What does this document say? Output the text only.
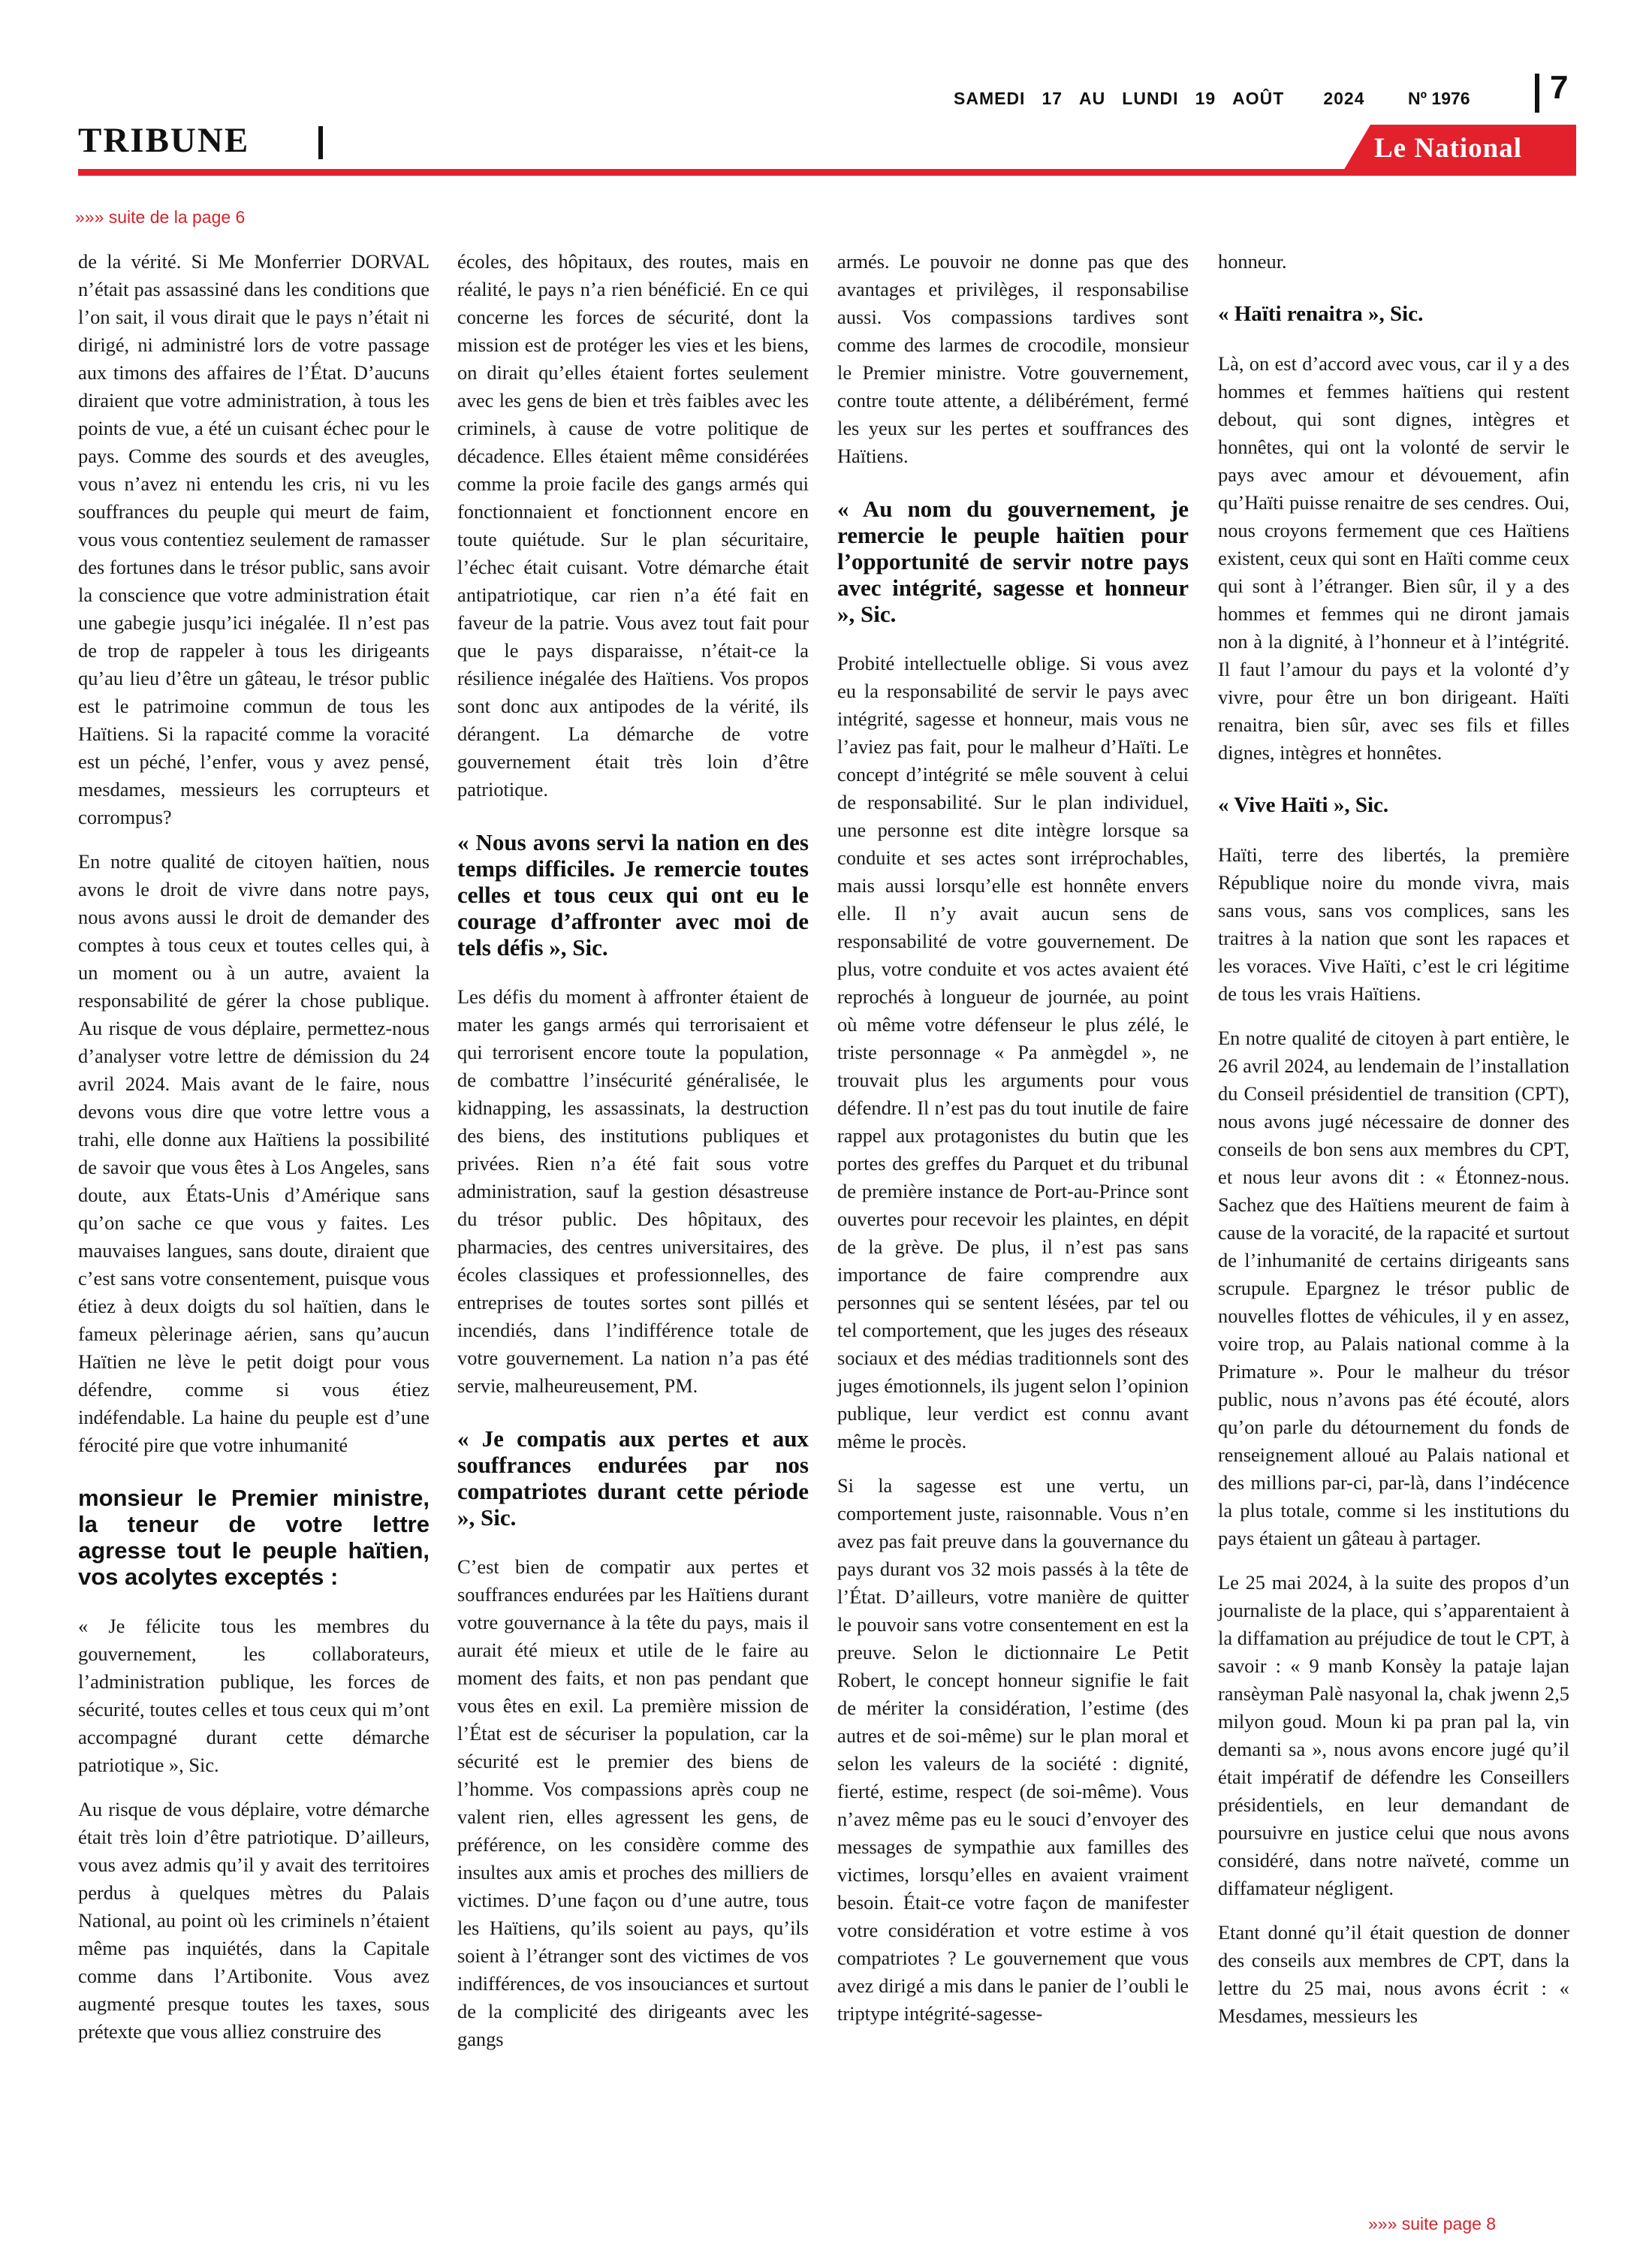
SAMEDI 17 AU LUNDI 19 AOÛT 2024	Nº 1976 7
TRIBUNE	Le National
»»» suite de la page 6

de la vérité. Si Me Monferrier DORVAL n’était pas assassiné dans les conditions que l’on sait, il vous dirait que le pays n’était ni dirigé, ni administré lors de votre passage aux timons des affaires de l’État. D’aucuns diraient que votre administration, à tous les points de vue, a été un cuisant échec pour le pays. Comme des sourds et des aveugles, vous n’avez ni entendu les cris, ni vu les souffrances du peuple qui meurt de faim, vous vous contentiez seulement de ramasser des fortunes dans le trésor public, sans avoir la conscience que votre administration était une gabegie jusqu’ici inégalée. Il n’est pas de trop de rappeler à tous les dirigeants qu’au lieu d’être un gâteau, le trésor public est le patrimoine commun de tous les Haïtiens. Si la rapacité comme la voracité est un péché, l’enfer, vous y avez pensé, mesdames, messieurs les corrupteurs et corrompus?

En notre qualité de citoyen haïtien, nous avons le droit de vivre dans notre pays, nous avons aussi le droit de demander des comptes à tous ceux et toutes celles qui, à un moment ou à un autre, avaient la responsabilité de gérer la chose publique. Au risque de vous déplaire, permettez-nous d’analyser votre lettre de démission du 24 avril 2024. Mais avant de le faire, nous devons vous dire que votre lettre vous a trahi, elle donne aux Haïtiens la possibilité de savoir que vous êtes à Los Angeles, sans doute, aux États-Unis d’Amérique sans qu’on sache ce que vous y faites. Les mauvaises langues, sans doute, diraient que c’est sans votre consentement, puisque vous étiez à deux doigts du sol haïtien, dans le fameux pèlerinage aérien, sans qu’aucun Haïtien ne lève le petit doigt pour vous défendre, comme si vous étiez indéfendable. La haine du peuple est d’une férocité pire que votre inhumanité

monsieur le Premier ministre, la teneur de votre lettre agresse tout le peuple haïtien, vos acolytes exceptés :

« Je félicite tous les membres du gouvernement, les collaborateurs, l’administration publique, les forces de sécurité, toutes celles et tous ceux qui m’ont accompagné durant cette démarche patriotique », Sic.

Au risque de vous déplaire, votre démarche était très loin d’être patriotique. D’ailleurs, vous avez admis qu’il y avait des territoires perdus à quelques mètres du Palais National, au point où les criminels n’étaient même pas inquiétés, dans la Capitale comme dans l’Artibonite. Vous avez augmenté presque toutes les taxes, sous prétexte que vous alliez construire des

écoles, des hôpitaux, des routes, mais en réalité, le pays n’a rien bénéficié. En ce qui concerne les forces de sécurité, dont la mission est de protéger les vies et les biens, on dirait qu’elles étaient fortes seulement avec les gens de bien et très faibles avec les criminels, à cause de votre politique de décadence. Elles étaient même considérées comme la proie facile des gangs armés qui fonctionnaient et fonctionnent encore en toute quiétude. Sur le plan sécuritaire, l’échec était cuisant. Votre démarche était antipatriotique, car rien n’a été fait en faveur de la patrie. Vous avez tout fait pour que le pays disparaisse, n’était-ce la résilience inégalée des Haïtiens. Vos propos sont donc aux antipodes de la vérité, ils dérangent. La démarche de votre gouvernement était très loin d’être patriotique.

« Nous avons servi la nation en des temps difficiles. Je remercie toutes celles et tous ceux qui ont eu le courage d’affronter avec moi de tels défis », Sic.

Les défis du moment à affronter étaient de mater les gangs armés qui terrorisaient et qui terrorisent encore toute la population, de combattre l’insécurité généralisée, le kidnapping, les assassinats, la destruction des biens, des institutions publiques et privées. Rien n’a été fait sous votre administration, sauf la gestion désastreuse du trésor public. Des hôpitaux, des pharmacies, des centres universitaires, des écoles classiques et professionnelles, des entreprises de toutes sortes sont pillés et incendiés, dans l’indifférence totale de votre gouvernement. La nation n’a pas été servie, malheureusement, PM.

« Je compatis aux pertes et aux souffrances endurées par nos compatriotes durant cette période », Sic.

C’est bien de compatir aux pertes et souffrances endurées par les Haïtiens durant votre gouvernance à la tête du pays, mais il aurait été mieux et utile de le faire au moment des faits, et non pas pendant que vous êtes en exil. La première mission de l’État est de sécuriser la population, car la sécurité est le premier des biens de l’homme. Vos compassions après coup ne valent rien, elles agressent les gens, de préférence, on les considère comme des insultes aux amis et proches des milliers de victimes. D’une façon ou d’une autre, tous les Haïtiens, qu’ils soient au pays, qu’ils soient à l’étranger sont des victimes de vos indifférences, de vos insouciances et surtout de la complicité des dirigeants avec les gangs

armés. Le pouvoir ne donne pas que des avantages et privilèges, il responsabilise aussi. Vos compassions tardives sont comme des larmes de crocodile, monsieur le Premier ministre. Votre gouvernement, contre toute attente, a délibérément, fermé les yeux sur les pertes et souffrances des Haïtiens.

« Au nom du gouvernement, je remercie le peuple haïtien pour l’opportunité de servir notre pays avec intégrité, sagesse et honneur », Sic.

Probité intellectuelle oblige. Si vous avez eu la responsabilité de servir le pays avec intégrité, sagesse et honneur, mais vous ne l’aviez pas fait, pour le malheur d’Haïti. Le concept d’intégrité se mêle souvent à celui de responsabilité. Sur le plan individuel, une personne est dite intègre lorsque sa conduite et ses actes sont irréprochables, mais aussi lorsqu’elle est honnête envers elle. Il n’y avait aucun sens de responsabilité de votre gouvernement. De plus, votre conduite et vos actes avaient été reprochés à longueur de journée, au point où même votre défenseur le plus zélé, le triste personnage « Pa anmègdel », ne trouvait plus les arguments pour vous défendre. Il n’est pas du tout inutile de faire rappel aux protagonistes du butin que les portes des greffes du Parquet et du tribunal de première instance de Port-au-Prince sont ouvertes pour recevoir les plaintes, en dépit de la grève. De plus, il n’est pas sans importance de faire comprendre aux personnes qui se sentent lésées, par tel ou tel comportement, que les juges des réseaux sociaux et des médias traditionnels sont des juges émotionnels, ils jugent selon l’opinion publique, leur verdict est connu avant même le procès.

Si la sagesse est une vertu, un comportement juste, raisonnable. Vous n’en avez pas fait preuve dans la gouvernance du pays durant vos 32 mois passés à la tête de l’État. D’ailleurs, votre manière de quitter le pouvoir sans votre consentement en est la preuve. Selon le dictionnaire Le Petit Robert, le concept honneur signifie le fait de mériter la considération, l’estime (des autres et de soi-même) sur le plan moral et selon les valeurs de la société : dignité, fierté, estime, respect (de soi-même). Vous n’avez même pas eu le souci d’envoyer des messages de sympathie aux familles des victimes, lorsqu’elles en avaient vraiment besoin. Était-ce votre façon de manifester votre considération et votre estime à vos compatriotes ? Le gouvernement que vous avez dirigé a mis dans le panier de l’oubli le triptype intégrité-sagesse-

honneur.

« Haïti renaitra », Sic.

Là, on est d’accord avec vous, car il y a des hommes et femmes haïtiens qui restent debout, qui sont dignes, intègres et honnêtes, qui ont la volonté de servir le pays avec amour et dévouement, afin qu’Haïti puisse renaitre de ses cendres. Oui, nous croyons fermement que ces Haïtiens existent, ceux qui sont en Haïti comme ceux qui sont à l’étranger. Bien sûr, il y a des hommes et femmes qui ne diront jamais non à la dignité, à l’honneur et à l’intégrité. Il faut l’amour du pays et la volonté d’y vivre, pour être un bon dirigeant. Haïti renaitra, bien sûr, avec ses fils et filles dignes, intègres et honnêtes.

« Vive Haïti », Sic.

Haïti, terre des libertés, la première République noire du monde vivra, mais sans vous, sans vos complices, sans les traitres à la nation que sont les rapaces et les voraces. Vive Haïti, c’est le cri légitime de tous les vrais Haïtiens.

En notre qualité de citoyen à part entière, le 26 avril 2024, au lendemain de l’installation du Conseil présidentiel de transition (CPT), nous avons jugé nécessaire de donner des conseils de bon sens aux membres du CPT, et nous leur avons dit : « Étonnez-nous. Sachez que des Haïtiens meurent de faim à cause de la voracité, de la rapacité et surtout de l’inhumanité de certains dirigeants sans scrupule. Epargnez le trésor public de nouvelles flottes de véhicules, il y en assez, voire trop, au Palais national comme à la Primature ». Pour le malheur du trésor public, nous n’avons pas été écouté, alors qu’on parle du détournement du fonds de renseignement alloué au Palais national et des millions par-ci, par-là, dans l’indécence la plus totale, comme si les institutions du pays étaient un gâteau à partager.

Le 25 mai 2024, à la suite des propos d’un journaliste de la place, qui s’apparentaient à la diffamation au préjudice de tout le CPT, à savoir : « 9 manb Konsèy la pataje lajan ransèyman Palè nasyonal la, chak jwenn 2,5 milyon goud. Moun ki pa pran pal la, vin demanti sa », nous avons encore jugé qu’il était impératif de défendre les Conseillers présidentiels, en leur demandant de poursuivre en justice celui que nous avons considéré, dans notre naïveté, comme un diffamateur négligent.

Etant donné qu’il était question de donner des conseils aux membres de CPT, dans la lettre du 25 mai, nous avons écrit : « Mesdames, messieurs les

»»» suite page 8
